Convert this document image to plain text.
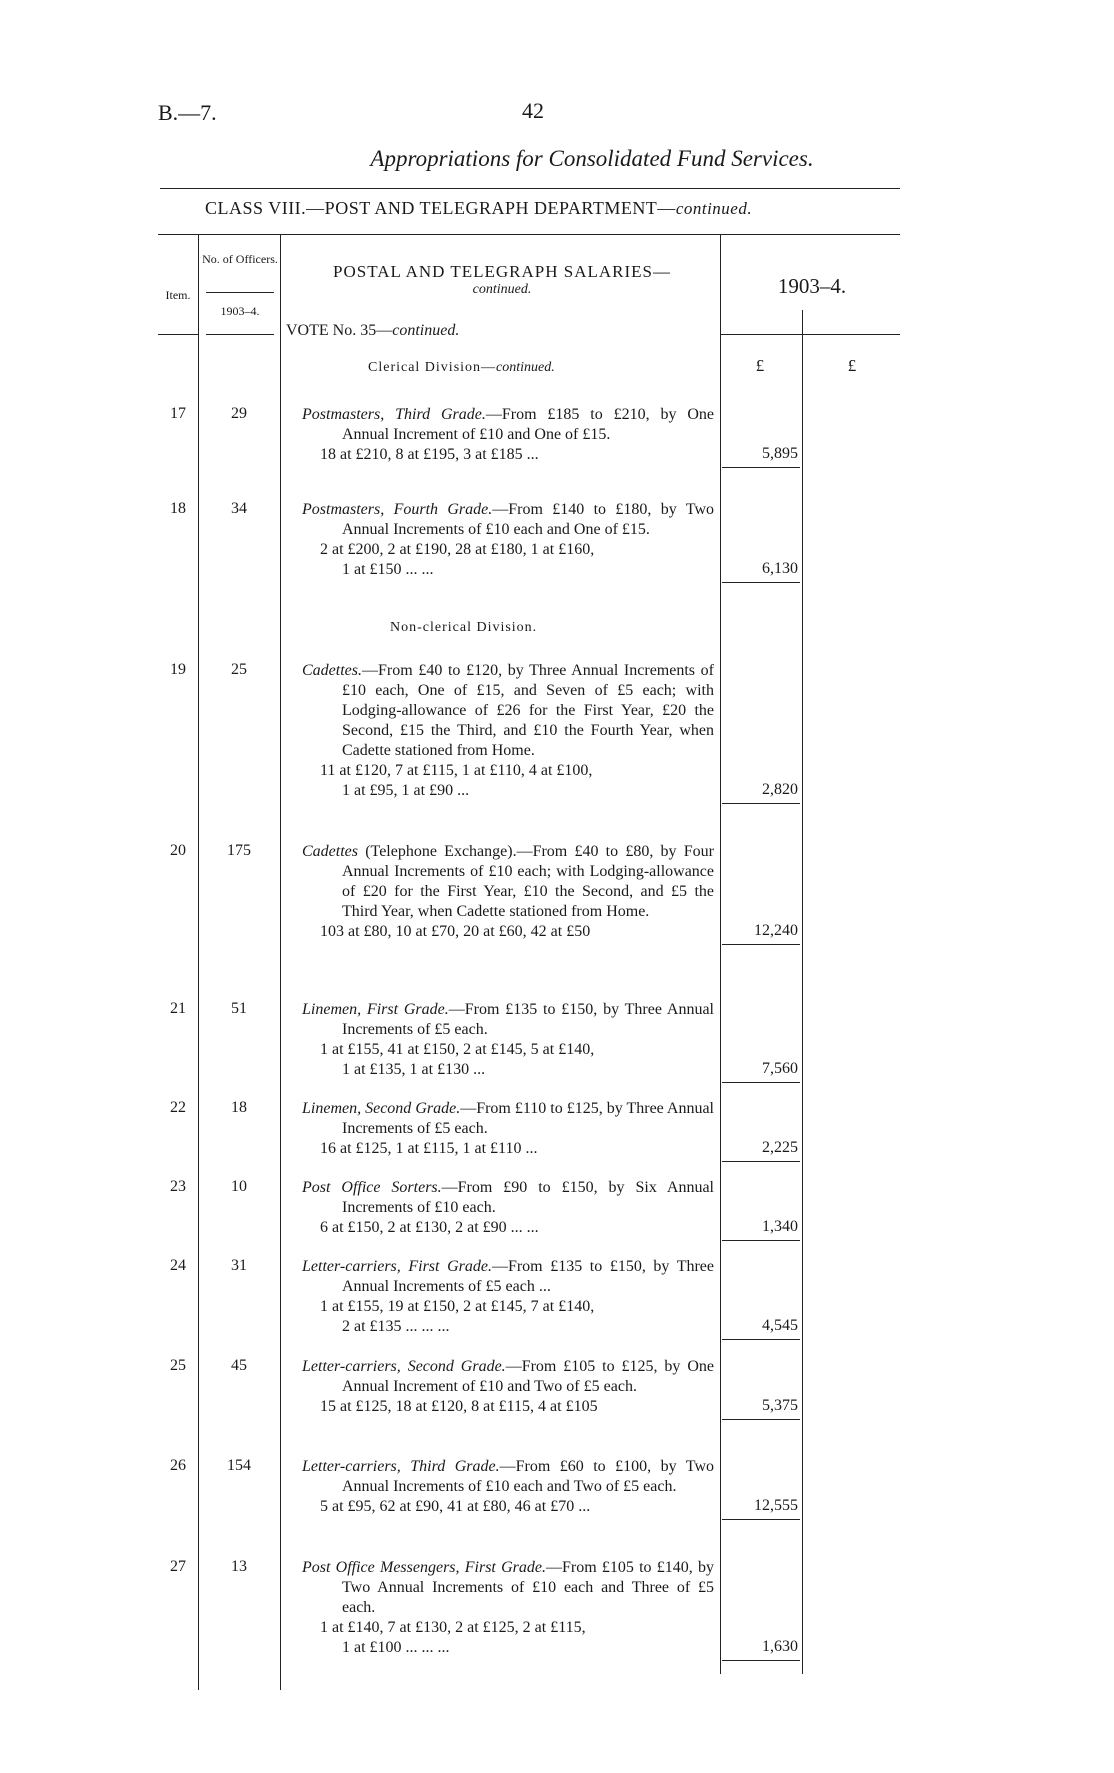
B.—7.	42
Appropriations for Consolidated Fund Services.
CLASS VIII.—POST AND TELEGRAPH DEPARTMENT—continued.
Item.
No. of Officers.
1903–4.
POSTAL AND TELEGRAPH SALARIES—
continued.	1903–4.
VOTE No. 35—continued.
Clerical Division—continued.	£	£
Non-clerical Division.
17	29	Postmasters, Third Grade.—From £185 to £210, by One Annual Increment of £10 and One of £15.

18 at £210, 8 at £195, 3 at £185 ...	5,895
18	34	Postmasters, Fourth Grade.—From £140 to £180, by Two Annual Increments of £10 each and One of £15.

2 at £200, 2 at £190, 28 at £180, 1 at £160,

1 at £150 ... ...	6,130
19	25	Cadettes.—From £40 to £120, by Three Annual Increments of £10 each, One of £15, and Seven of £5 each; with Lodging-allowance of £26 for the First Year, £20 the Second, £15 the Third, and £10 the Fourth Year, when Cadette stationed from Home.

11 at £120, 7 at £115, 1 at £110, 4 at £100,

1 at £95, 1 at £90 ...	2,820
20	175	Cadettes (Telephone Exchange).—From £40 to £80, by Four Annual Increments of £10 each; with Lodging-allowance of £20 for the First Year, £10 the Second, and £5 the Third Year, when Cadette stationed from Home.

103 at £80, 10 at £70, 20 at £60, 42 at £50	12,240
21	51	Linemen, First Grade.—From £135 to £150, by Three Annual Increments of £5 each.

1 at £155, 41 at £150, 2 at £145, 5 at £140,

1 at £135, 1 at £130 ...	7,560
22	18	Linemen, Second Grade.—From £110 to £125, by Three Annual Increments of £5 each.

16 at £125, 1 at £115, 1 at £110 ...	2,225
23	10	Post Office Sorters.—From £90 to £150, by Six Annual Increments of £10 each.

6 at £150, 2 at £130, 2 at £90 ... ...	1,340
24	31	Letter-carriers, First Grade.—From £135 to £150, by Three Annual Increments of £5 each ...

1 at £155, 19 at £150, 2 at £145, 7 at £140,

2 at £135 ... ... ...	4,545
25	45	Letter-carriers, Second Grade.—From £105 to £125, by One Annual Increment of £10 and Two of £5 each.

15 at £125, 18 at £120, 8 at £115, 4 at £105	5,375
26	154	Letter-carriers, Third Grade.—From £60 to £100, by Two Annual Increments of £10 each and Two of £5 each.

5 at £95, 62 at £90, 41 at £80, 46 at £70 ...	12,555
27	13	Post Office Messengers, First Grade.—From £105 to £140, by Two Annual Increments of £10 each and Three of £5 each.

1 at £140, 7 at £130, 2 at £125, 2 at £115,

1 at £100 ... ... ...	1,630
